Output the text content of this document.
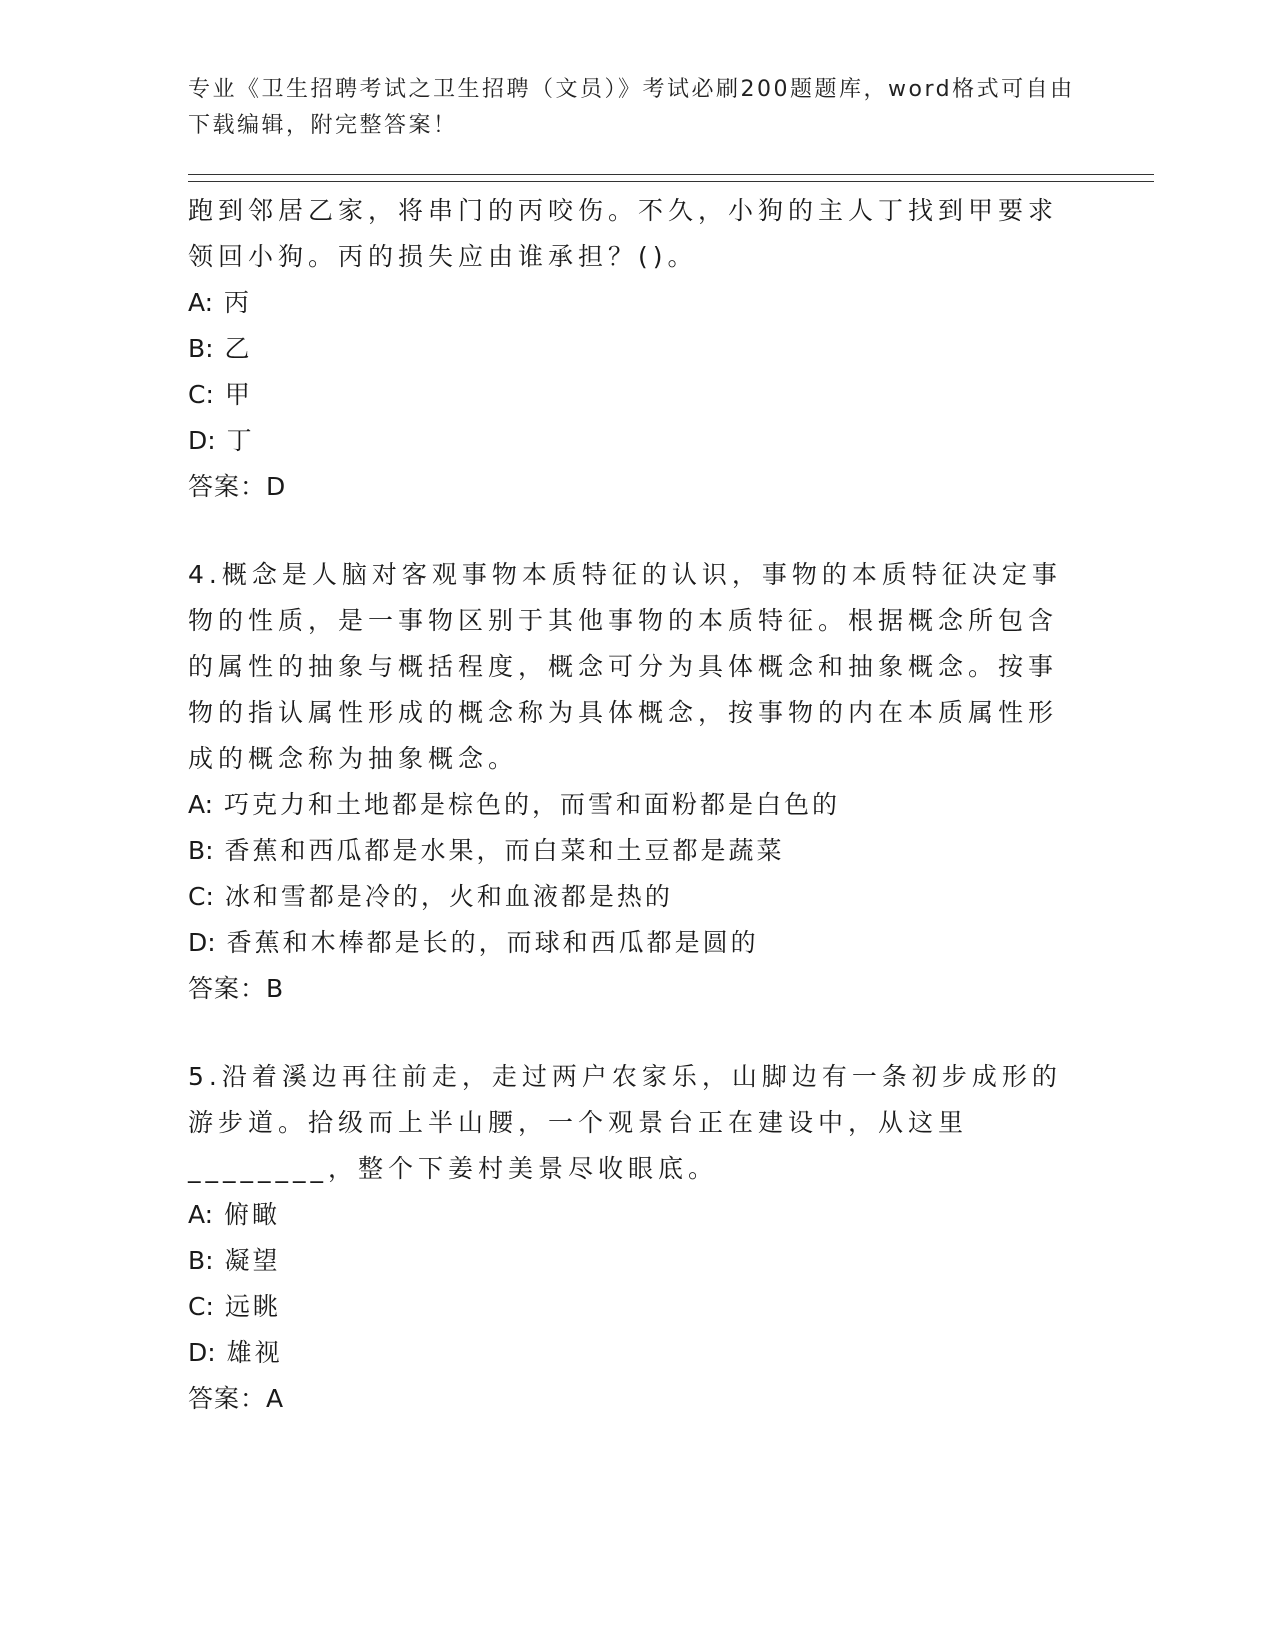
专业《卫生招聘考试之卫生招聘（文员）》考试必刷200题题库，word格式可自由下载编辑，附完整答案！

跑到邻居乙家，将串门的丙咬伤。不久，小狗的主人丁找到甲要求领回小狗。丙的损失应由谁承担？()。

A: 丙

B: 乙

C: 甲

D: 丁

答案：D

4.概念是人脑对客观事物本质特征的认识，事物的本质特征决定事物的性质，是一事物区别于其他事物的本质特征。根据概念所包含的属性的抽象与概括程度，概念可分为具体概念和抽象概念。按事物的指认属性形成的概念称为具体概念，按事物的内在本质属性形成的概念称为抽象概念。

A: 巧克力和土地都是棕色的，而雪和面粉都是白色的

B: 香蕉和西瓜都是水果，而白菜和土豆都是蔬菜

C: 冰和雪都是冷的，火和血液都是热的

D: 香蕉和木棒都是长的，而球和西瓜都是圆的

答案：B

5.沿着溪边再往前走，走过两户农家乐，山脚边有一条初步成形的游步道。拾级而上半山腰，一个观景台正在建设中，从这里________，整个下姜村美景尽收眼底。

A: 俯瞰

B: 凝望

C: 远眺

D: 雄视

答案：A
